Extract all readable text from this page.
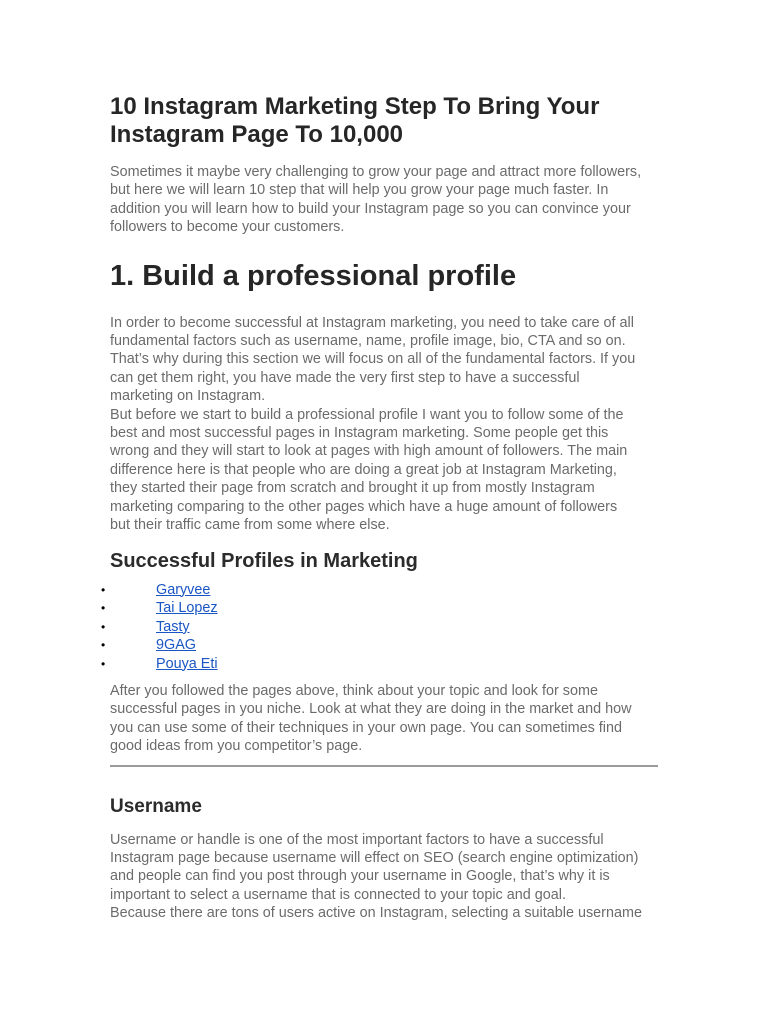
10 Instagram Marketing Step To Bring Your
Instagram Page To 10,000
Sometimes it maybe very challenging to grow your page and attract more followers,
but here we will learn 10 step that will help you grow your page much faster. In
addition you will learn how to build your Instagram page so you can convince your
followers to become your customers.
1. Build a professional profile
In order to become successful at Instagram marketing, you need to take care of all
fundamental factors such as username, name, profile image, bio, CTA and so on.
That’s why during this section we will focus on all of the fundamental factors. If you
can get them right, you have made the very first step to have a successful
marketing on Instagram.
But before we start to build a professional profile I want you to follow some of the
best and most successful pages in Instagram marketing. Some people get this
wrong and they will start to look at pages with high amount of followers. The main
difference here is that people who are doing a great job at Instagram Marketing,
they started their page from scratch and brought it up from mostly Instagram
marketing comparing to the other pages which have a huge amount of followers
but their traffic came from some where else.
Successful Profiles in Marketing
•	Garyvee
•	Tai Lopez
•	Tasty
•	9GAG
•	Pouya Eti
After you followed the pages above, think about your topic and look for some
successful pages in you niche. Look at what they are doing in the market and how
you can use some of their techniques in your own page. You can sometimes find
good ideas from you competitor’s page.
Username
Username or handle is one of the most important factors to have a successful
Instagram page because username will effect on SEO (search engine optimization)
and people can find you post through your username in Google, that’s why it is
important to select a username that is connected to your topic and goal.
Because there are tons of users active on Instagram, selecting a suitable username
